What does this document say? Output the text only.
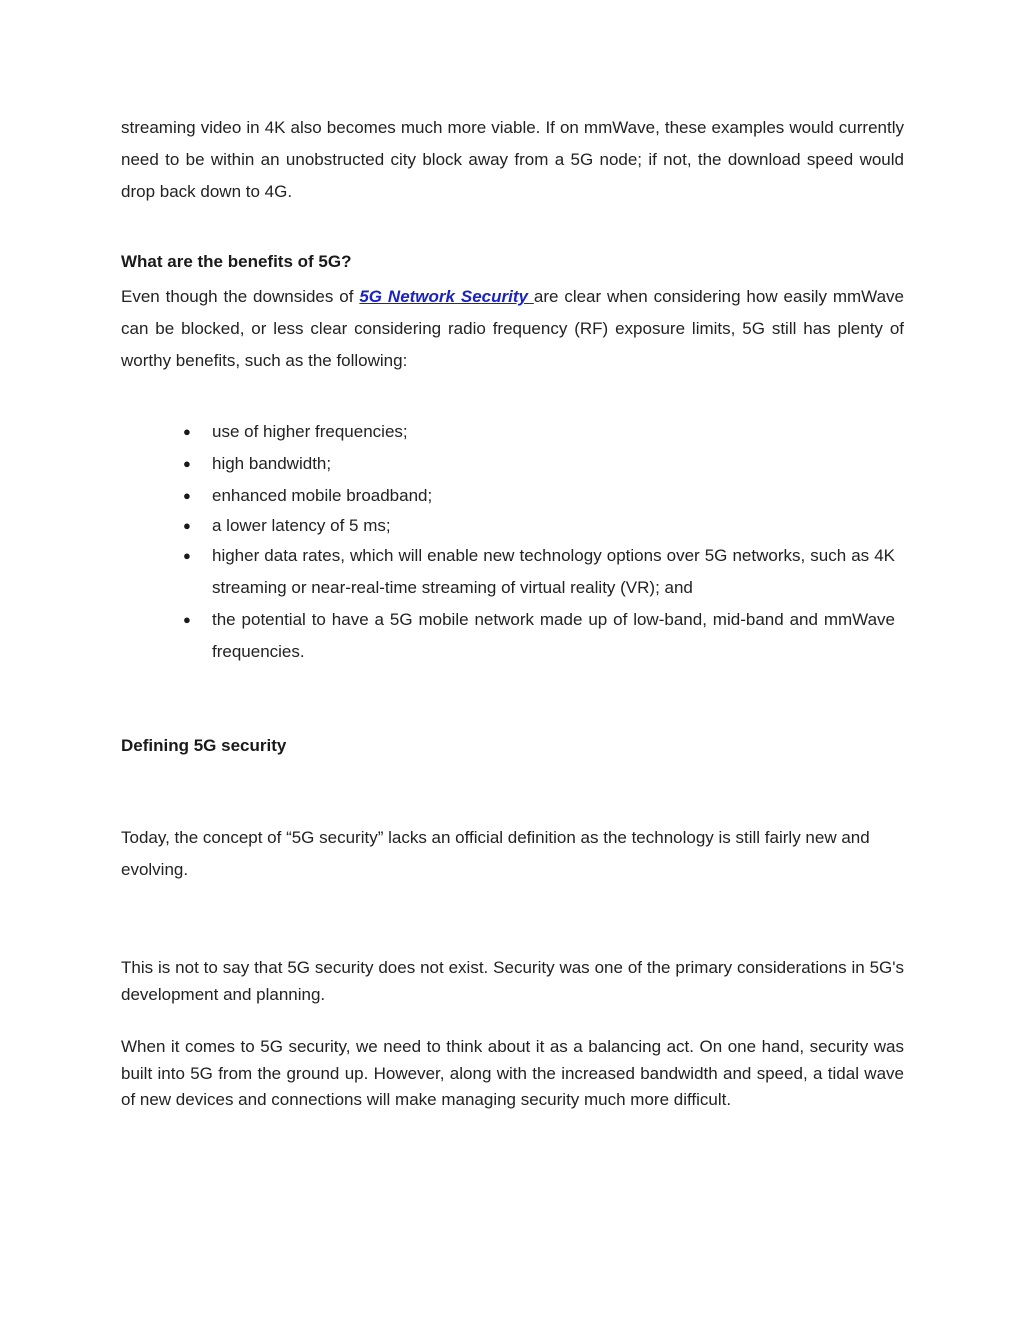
streaming video in 4K also becomes much more viable. If on mmWave, these examples would currently need to be within an unobstructed city block away from a 5G node; if not, the download speed would drop back down to 4G.

What are the benefits of 5G?

Even though the downsides of 5G Network Security are clear when considering how easily mmWave can be blocked, or less clear considering radio frequency (RF) exposure limits, 5G still has plenty of worthy benefits, such as the following:

● use of higher frequencies;
● high bandwidth;
● enhanced mobile broadband;
● a lower latency of 5 ms;
● higher data rates, which will enable new technology options over 5G networks, such as 4K streaming or near-real-time streaming of virtual reality (VR); and
● the potential to have a 5G mobile network made up of low-band, mid-band and mmWave frequencies.
Defining 5G security

Today, the concept of “5G security” lacks an official definition as the technology is still fairly new and evolving.

This is not to say that 5G security does not exist. Security was one of the primary considerations in 5G's development and planning.

When it comes to 5G security, we need to think about it as a balancing act. On one hand, security was built into 5G from the ground up. However, along with the increased bandwidth and speed, a tidal wave of new devices and connections will make managing security much more difficult.
